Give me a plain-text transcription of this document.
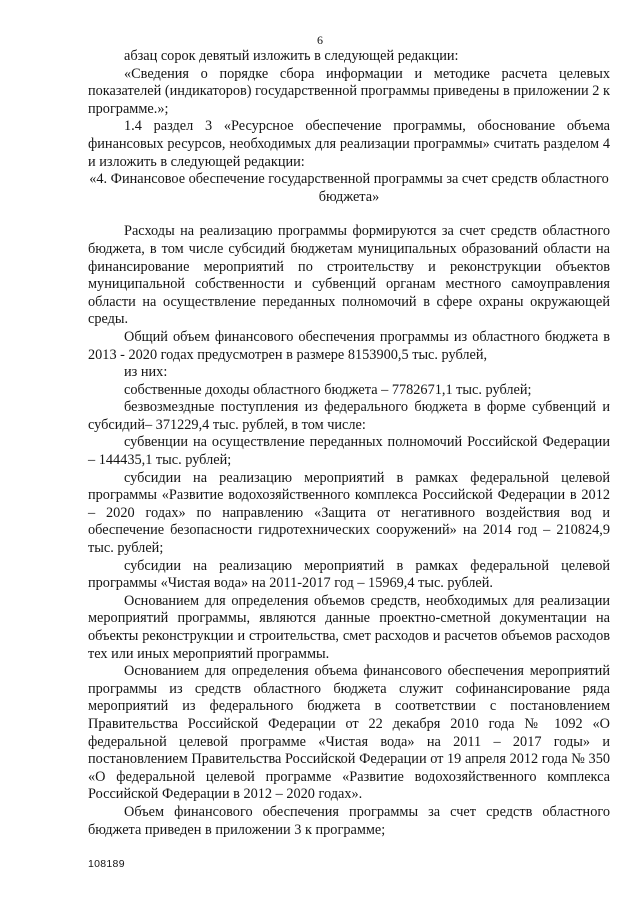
6

абзац сорок девятый изложить в следующей редакции:

«Сведения о порядке сбора информации и методике расчета целевых показателей (индикаторов) государственной программы приведены в приложении 2 к программе.»;

1.4 раздел 3 «Ресурсное обеспечение программы, обоснование объема финансовых ресурсов, необходимых для реализации программы» считать разделом 4 и изложить в следующей редакции:

«4. Финансовое обеспечение государственной программы за счет средств областного бюджета»

Расходы на реализацию программы формируются за счет средств областного бюджета, в том числе субсидий бюджетам муниципальных образований области на финансирование мероприятий по строительству и реконструкции объектов муниципальной собственности и субвенций органам местного самоуправления области на осуществление переданных полномочий в сфере охраны окружающей среды.

Общий объем финансового обеспечения программы из областного бюджета в 2013 - 2020 годах предусмотрен в размере 8153900,5 тыс. рублей,

из них:

собственные доходы областного бюджета – 7782671,1 тыс. рублей;

безвозмездные поступления из федерального бюджета в форме субвенций и субсидий– 371229,4 тыс. рублей, в том числе:

субвенции на осуществление переданных полномочий Российской Федерации – 144435,1 тыс. рублей;

субсидии на реализацию мероприятий в рамках федеральной целевой программы «Развитие водохозяйственного комплекса Российской Федерации в 2012 – 2020 годах» по направлению «Защита от негативного воздействия вод и обеспечение безопасности гидротехнических сооружений» на 2014 год – 210824,9 тыс. рублей;

субсидии на реализацию мероприятий в рамках федеральной целевой программы «Чистая вода» на 2011-2017 год – 15969,4 тыс. рублей.

Основанием для определения объемов средств, необходимых для реализации мероприятий программы, являются данные проектно-сметной документации на объекты реконструкции и строительства, смет расходов и расчетов объемов расходов тех или иных мероприятий программы.

Основанием для определения объема финансового обеспечения мероприятий программы из средств областного бюджета служит софинансирование ряда мероприятий из федерального бюджета в соответствии с постановлением Правительства Российской Федерации от 22 декабря 2010 года № 1092 «О федеральной целевой программе «Чистая вода» на 2011 – 2017 годы» и постановлением Правительства Российской Федерации от 19 апреля 2012 года № 350 «О федеральной целевой программе «Развитие водохозяйственного комплекса Российской Федерации в 2012 – 2020 годах».

Объем финансового обеспечения программы за счет средств областного бюджета приведен в приложении 3 к программе;

108189
